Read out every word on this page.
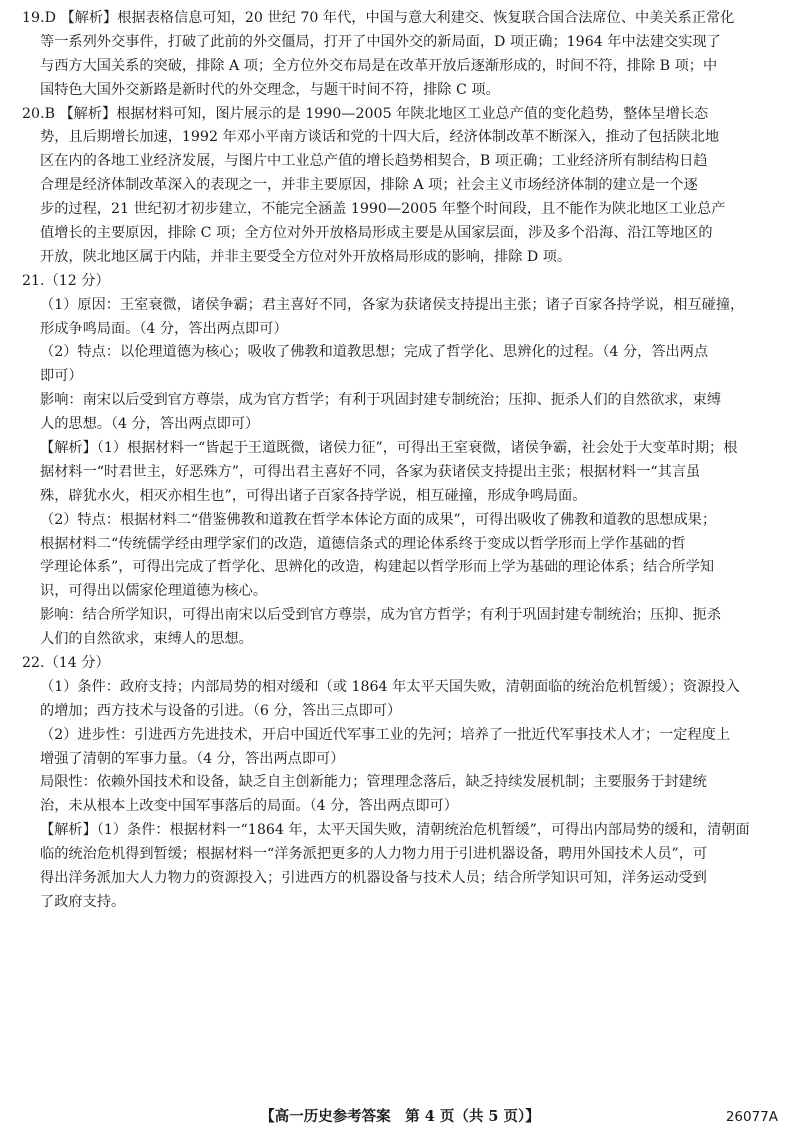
19.D 【解析】根据表格信息可知，20 世纪 70 年代，中国与意大利建交、恢复联合国合法席位、中美关系正常化
等一系列外交事件，打破了此前的外交僵局，打开了中国外交的新局面，D 项正确；1964 年中法建交实现了
与西方大国关系的突破，排除 A 项；全方位外交布局是在改革开放后逐渐形成的，时间不符，排除 B 项；中
国特色大国外交新路是新时代的外交理念，与题干时间不符，排除 C 项。
20.B 【解析】根据材料可知，图片展示的是 1990—2005 年陕北地区工业总产值的变化趋势，整体呈增长态
势，且后期增长加速，1992 年邓小平南方谈话和党的十四大后，经济体制改革不断深入，推动了包括陕北地
区在内的各地工业经济发展，与图片中工业总产值的增长趋势相契合，B 项正确；工业经济所有制结构日趋
合理是经济体制改革深入的表现之一，并非主要原因，排除 A 项；社会主义市场经济体制的建立是一个逐
步的过程，21 世纪初才初步建立，不能完全涵盖 1990—2005 年整个时间段，且不能作为陕北地区工业总产
值增长的主要原因，排除 C 项；全方位对外开放格局形成主要是从国家层面，涉及多个沿海、沿江等地区的
开放，陕北地区属于内陆，并非主要受全方位对外开放格局形成的影响，排除 D 项。
21.（12 分）
（1）原因：王室衰微，诸侯争霸；君主喜好不同，各家为获诸侯支持提出主张；诸子百家各持学说，相互碰撞，
形成争鸣局面。（4 分，答出两点即可）
（2）特点：以伦理道德为核心；吸收了佛教和道教思想；完成了哲学化、思辨化的过程。（4 分，答出两点
即可）
影响：南宋以后受到官方尊崇，成为官方哲学；有利于巩固封建专制统治；压抑、扼杀人们的自然欲求，束缚
人的思想。（4 分，答出两点即可）
【解析】（1）根据材料一“皆起于王道既微，诸侯力征”，可得出王室衰微，诸侯争霸，社会处于大变革时期；根
据材料一“时君世主，好恶殊方”，可得出君主喜好不同，各家为获诸侯支持提出主张；根据材料一“其言虽
殊，辟犹水火，相灭亦相生也”，可得出诸子百家各持学说，相互碰撞，形成争鸣局面。
（2）特点：根据材料二“借鉴佛教和道教在哲学本体论方面的成果”，可得出吸收了佛教和道教的思想成果；
根据材料二“传统儒学经由理学家们的改造，道德信条式的理论体系终于变成以哲学形而上学作基础的哲
学理论体系”，可得出完成了哲学化、思辨化的改造，构建起以哲学形而上学为基础的理论体系；结合所学知
识，可得出以儒家伦理道德为核心。
影响：结合所学知识，可得出南宋以后受到官方尊崇，成为官方哲学；有利于巩固封建专制统治；压抑、扼杀
人们的自然欲求，束缚人的思想。
22.（14 分）
（1）条件：政府支持；内部局势的相对缓和（或 1864 年太平天国失败，清朝面临的统治危机暂缓）；资源投入
的增加；西方技术与设备的引进。（6 分，答出三点即可）
（2）进步性：引进西方先进技术，开启中国近代军事工业的先河；培养了一批近代军事技术人才；一定程度上
增强了清朝的军事力量。（4 分，答出两点即可）
局限性：依赖外国技术和设备，缺乏自主创新能力；管理理念落后，缺乏持续发展机制；主要服务于封建统
治，未从根本上改变中国军事落后的局面。（4 分，答出两点即可）
【解析】（1）条件：根据材料一“1864 年，太平天国失败，清朝统治危机暂缓”，可得出内部局势的缓和，清朝面
临的统治危机得到暂缓；根据材料一“洋务派把更多的人力物力用于引进机器设备，聘用外国技术人员”，可
得出洋务派加大人力物力的资源投入；引进西方的机器设备与技术人员；结合所学知识可知，洋务运动受到
了政府支持。
【高一历史参考答案　第 4 页（共 5 页）】	26077A
